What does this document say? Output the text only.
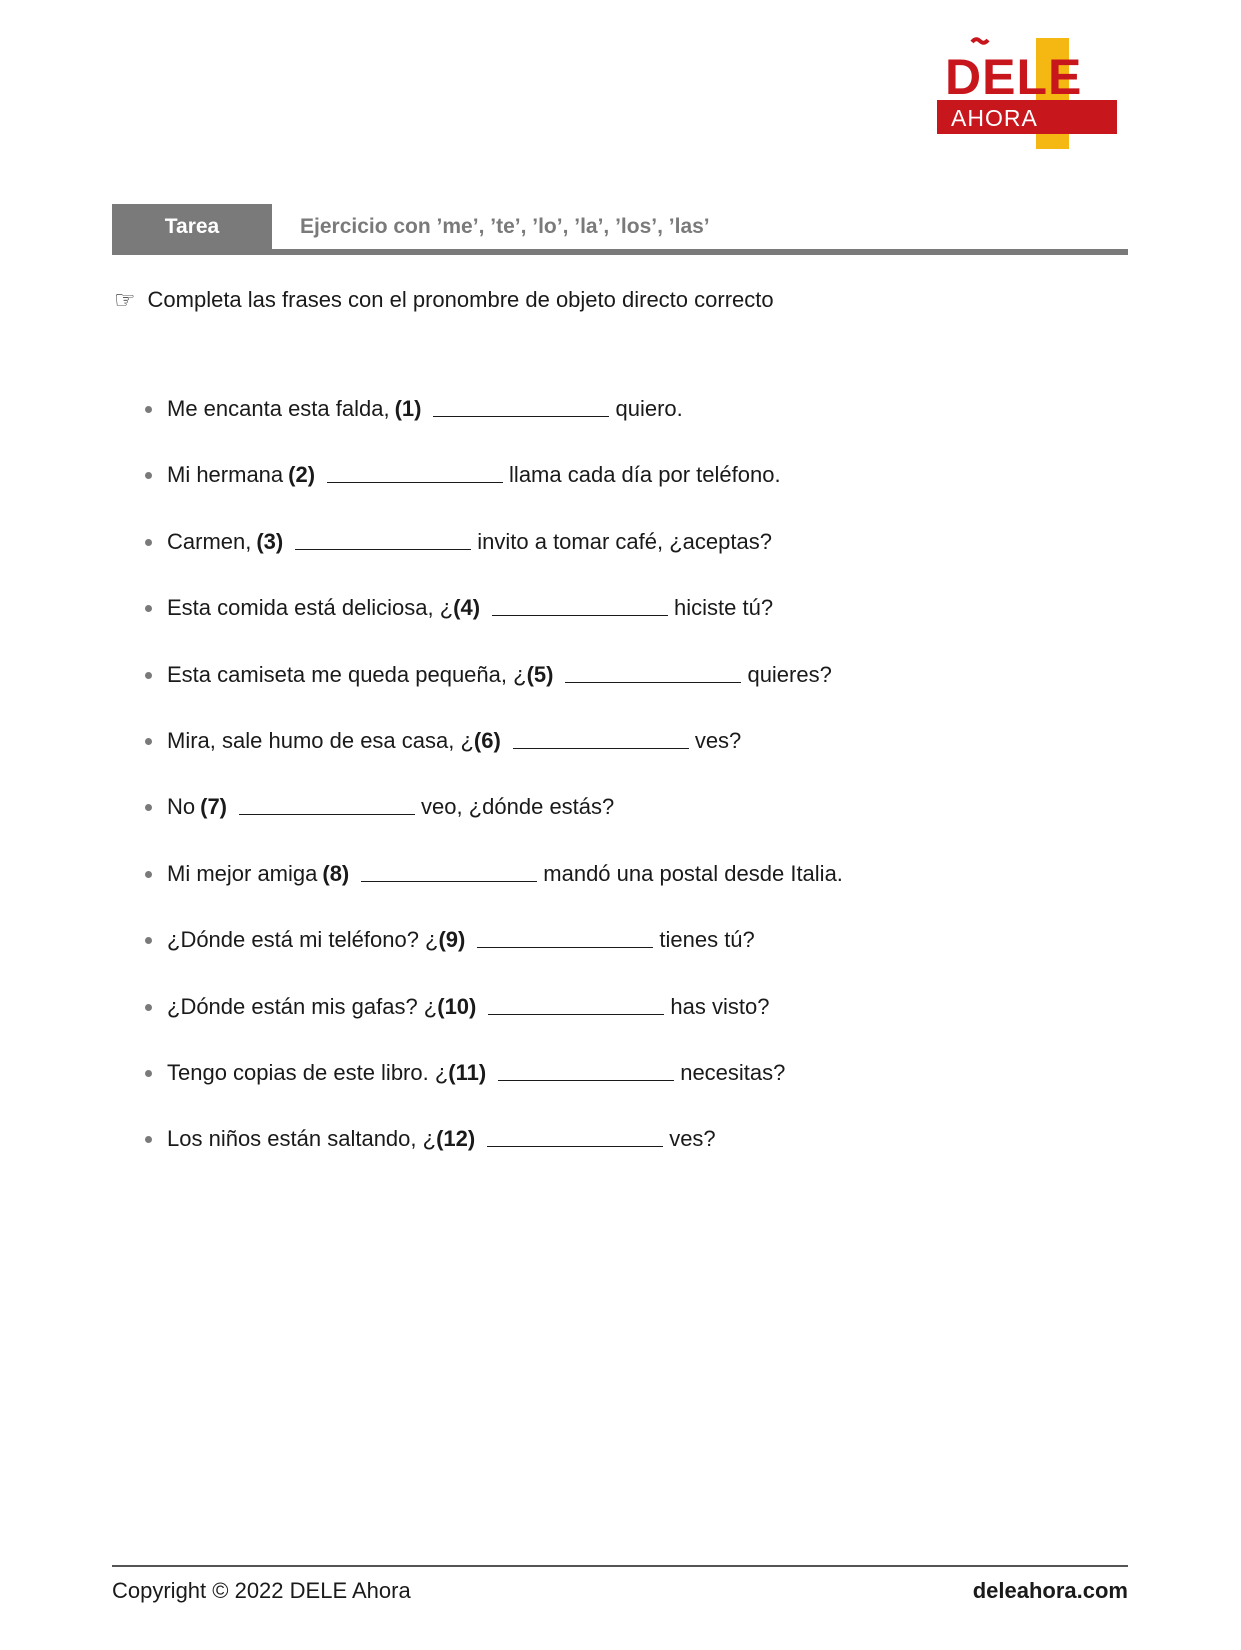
DELE
AHORA
Tarea	Ejercicio con ’me’, ’te’, ’lo’, ’la’, ’los’, ’las’
☞ Completa las frases con el pronombre de objeto directo correcto
Me encanta esta falda, (1)	quiero.
Mi hermana (2)	llama cada día por teléfono.
Carmen, (3)	invito a tomar café, ¿aceptas?
Esta comida está deliciosa, ¿ (4)	hiciste tú?
Esta camiseta me queda pequeña, ¿ (5)	quieres?
Mira, sale humo de esa casa, ¿ (6)	ves?
No (7)	veo, ¿dónde estás?
Mi mejor amiga (8)	mandó una postal desde Italia.
¿Dónde está mi teléfono? ¿ (9)	tienes tú?
¿Dónde están mis gafas? ¿ (10)	has visto?
Tengo copias de este libro. ¿ (11)	necesitas?
Los niños están saltando, ¿ (12)	ves?
Copyright © 2022 DELE Ahora	deleahora.com
